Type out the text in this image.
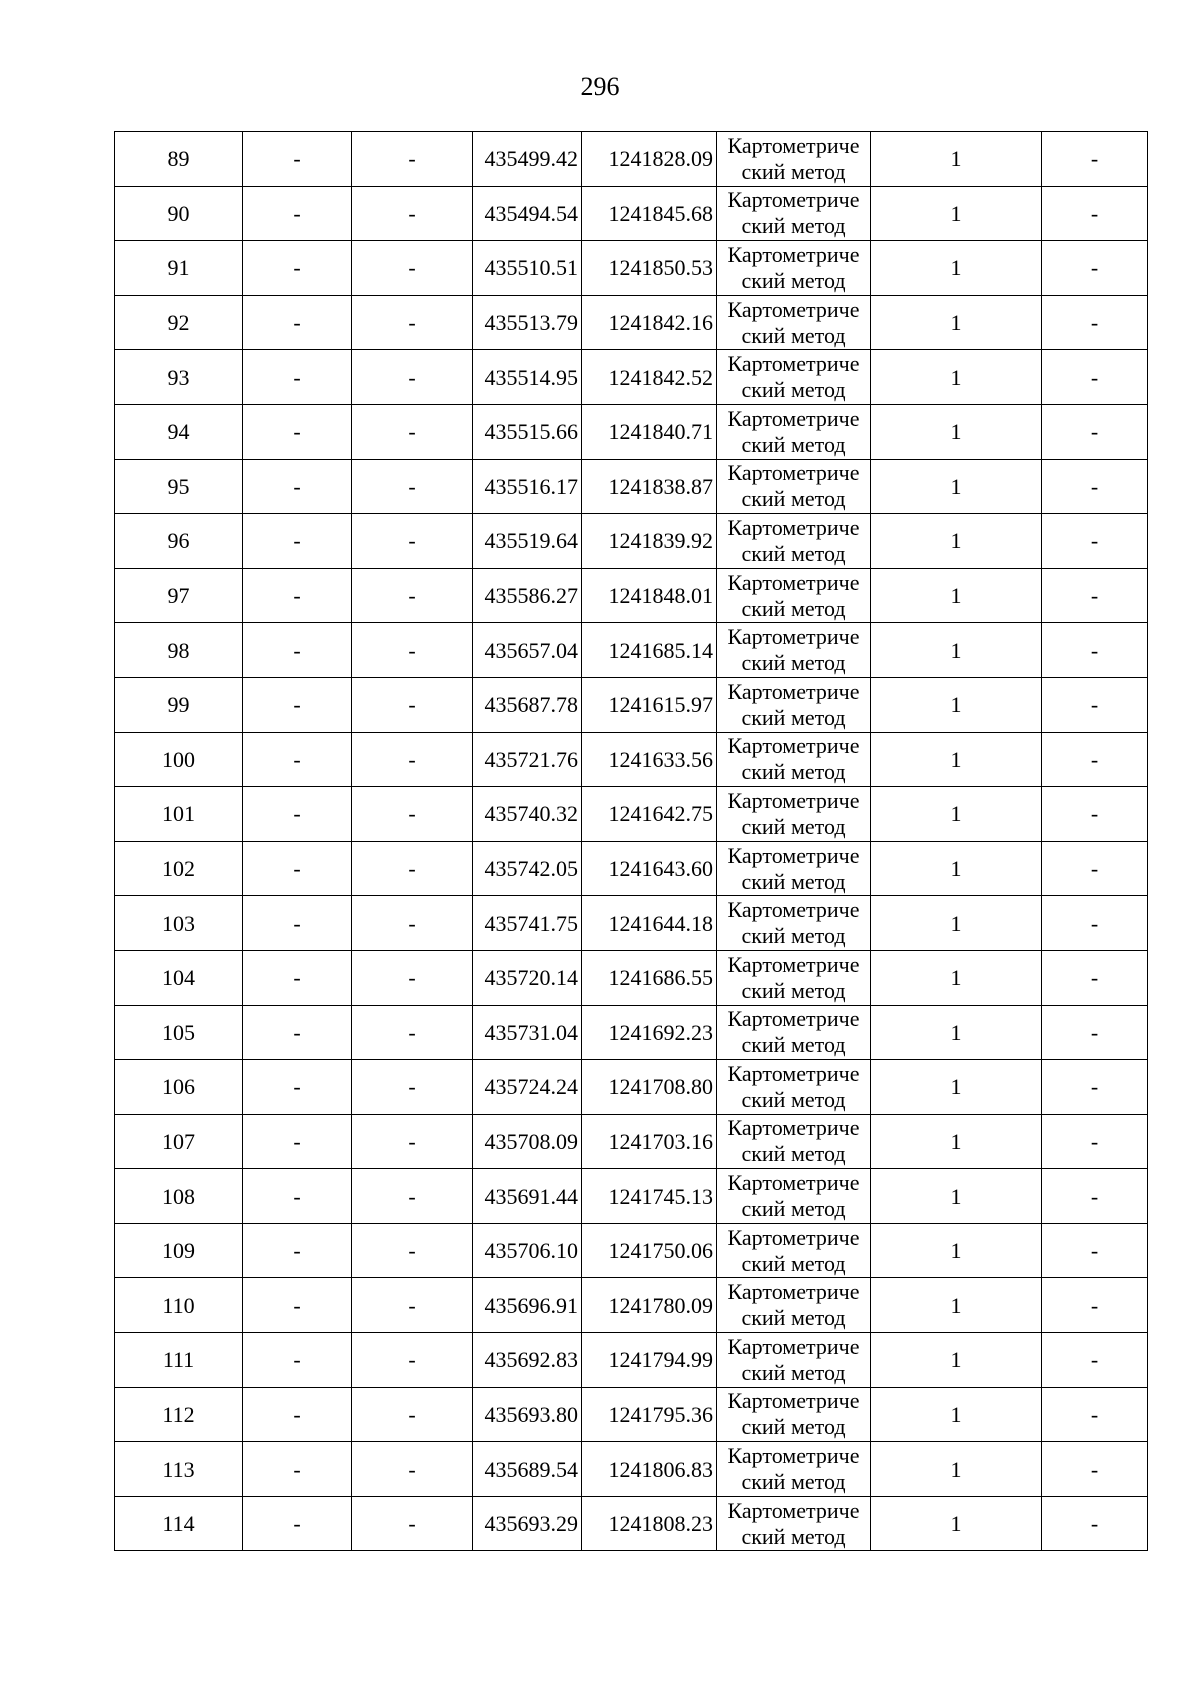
296
89	-	-	435499.42	1241828.09	Картометриче
ский метод	1	-
90	-	-	435494.54	1241845.68	Картометриче
ский метод	1	-
91	-	-	435510.51	1241850.53	Картометриче
ский метод	1	-
92	-	-	435513.79	1241842.16	Картометриче
ский метод	1	-
93	-	-	435514.95	1241842.52	Картометриче
ский метод	1	-
94	-	-	435515.66	1241840.71	Картометриче
ский метод	1	-
95	-	-	435516.17	1241838.87	Картометриче
ский метод	1	-
96	-	-	435519.64	1241839.92	Картометриче
ский метод	1	-
97	-	-	435586.27	1241848.01	Картометриче
ский метод	1	-
98	-	-	435657.04	1241685.14	Картометриче
ский метод	1	-
99	-	-	435687.78	1241615.97	Картометриче
ский метод	1	-
100	-	-	435721.76	1241633.56	Картометриче
ский метод	1	-
101	-	-	435740.32	1241642.75	Картометриче
ский метод	1	-
102	-	-	435742.05	1241643.60	Картометриче
ский метод	1	-
103	-	-	435741.75	1241644.18	Картометриче
ский метод	1	-
104	-	-	435720.14	1241686.55	Картометриче
ский метод	1	-
105	-	-	435731.04	1241692.23	Картометриче
ский метод	1	-
106	-	-	435724.24	1241708.80	Картометриче
ский метод	1	-
107	-	-	435708.09	1241703.16	Картометриче
ский метод	1	-
108	-	-	435691.44	1241745.13	Картометриче
ский метод	1	-
109	-	-	435706.10	1241750.06	Картометриче
ский метод	1	-
110	-	-	435696.91	1241780.09	Картометриче
ский метод	1	-
111	-	-	435692.83	1241794.99	Картометриче
ский метод	1	-
112	-	-	435693.80	1241795.36	Картометриче
ский метод	1	-
113	-	-	435689.54	1241806.83	Картометриче
ский метод	1	-
114	-	-	435693.29	1241808.23	Картометриче
ский метод	1	-
